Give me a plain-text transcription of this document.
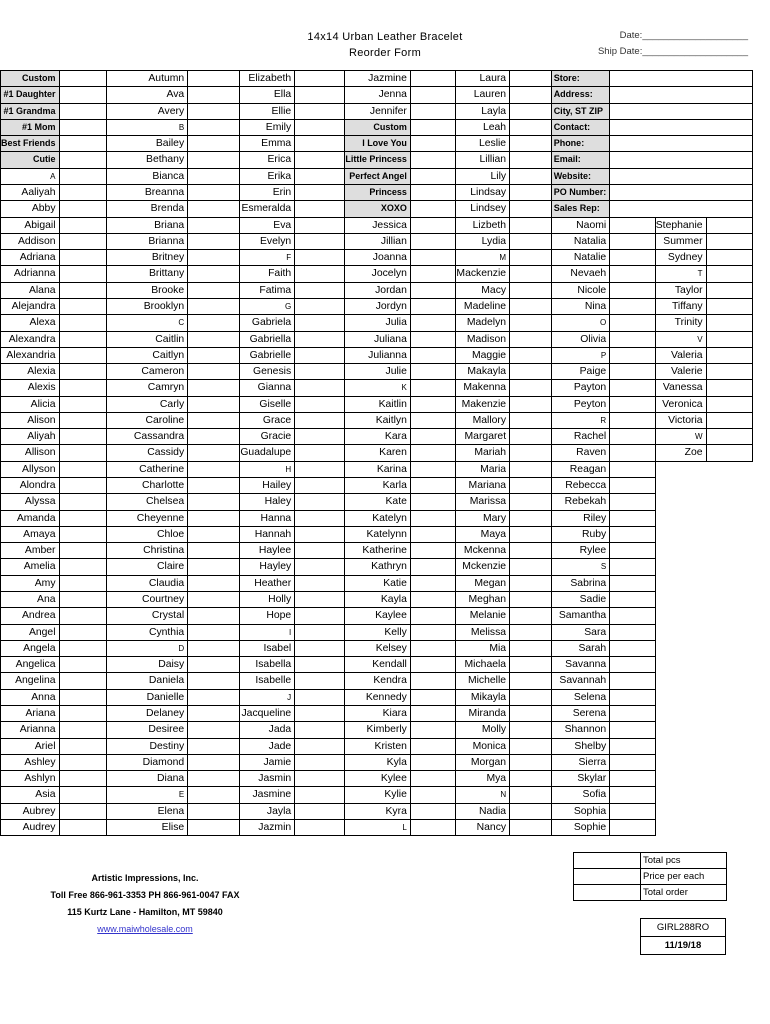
14x14 Urban Leather Bracelet
Reorder Form
Date:____________________
Ship Date:____________________
Custom		Autumn		Elizabeth		Jazmine		Laura		Store:			
#1 Daughter		Ava		Ella		Jenna		Lauren		Address:			
#1 Grandma		Avery		Ellie		Jennifer		Layla		City, ST ZIP			
#1 Mom		B		Emily		Custom		Leah		Contact:			
Best Friends		Bailey		Emma		I Love You		Leslie		Phone:			
Cutie		Bethany		Erica		Little Princess		Lillian		Email:			
A		Bianca		Erika		Perfect Angel		Lily		Website:			
Aaliyah		Breanna		Erin		Princess		Lindsay		PO Number:			
Abby		Brenda		Esmeralda		XOXO		Lindsey		Sales Rep:			
Abigail		Briana		Eva		Jessica		Lizbeth		Naomi		Stephanie	
Addison		Brianna		Evelyn		Jillian		Lydia		Natalia		Summer	
Adriana		Britney		F		Joanna		M		Natalie		Sydney	
Adrianna		Brittany		Faith		Jocelyn		Mackenzie		Nevaeh		T	
Alana		Brooke		Fatima		Jordan		Macy		Nicole		Taylor	
Alejandra		Brooklyn		G		Jordyn		Madeline		Nina		Tiffany	
Alexa		C		Gabriela		Julia		Madelyn		O		Trinity	
Alexandra		Caitlin		Gabriella		Juliana		Madison		Olivia		V	
Alexandria		Caitlyn		Gabrielle		Julianna		Maggie		P		Valeria	
Alexia		Cameron		Genesis		Julie		Makayla		Paige		Valerie	
Alexis		Camryn		Gianna		K		Makenna		Payton		Vanessa	
Alicia		Carly		Giselle		Kaitlin		Makenzie		Peyton		Veronica	
Alison		Caroline		Grace		Kaitlyn		Mallory		R		Victoria	
Aliyah		Cassandra		Gracie		Kara		Margaret		Rachel		W	
Allison		Cassidy		Guadalupe		Karen		Mariah		Raven		Zoe	
Allyson		Catherine		H		Karina		Maria		Reagan			
Alondra		Charlotte		Hailey		Karla		Mariana		Rebecca			
Alyssa		Chelsea		Haley		Kate		Marissa		Rebekah			
Amanda		Cheyenne		Hanna		Katelyn		Mary		Riley			
Amaya		Chloe		Hannah		Katelynn		Maya		Ruby			
Amber		Christina		Haylee		Katherine		Mckenna		Rylee			
Amelia		Claire		Hayley		Kathryn		Mckenzie		S			
Amy		Claudia		Heather		Katie		Megan		Sabrina			
Ana		Courtney		Holly		Kayla		Meghan		Sadie			
Andrea		Crystal		Hope		Kaylee		Melanie		Samantha			
Angel		Cynthia		I		Kelly		Melissa		Sara			
Angela		D		Isabel		Kelsey		Mia		Sarah			
Angelica		Daisy		Isabella		Kendall		Michaela		Savanna			
Angelina		Daniela		Isabelle		Kendra		Michelle		Savannah			
Anna		Danielle		J		Kennedy		Mikayla		Selena			
Ariana		Delaney		Jacqueline		Kiara		Miranda		Serena			
Arianna		Desiree		Jada		Kimberly		Molly		Shannon			
Ariel		Destiny		Jade		Kristen		Monica		Shelby			
Ashley		Diamond		Jamie		Kyla		Morgan		Sierra			
Ashlyn		Diana		Jasmin		Kylee		Mya		Skylar			
Asia		E		Jasmine		Kylie		N		Sofia			
Aubrey		Elena		Jayla		Kyra		Nadia		Sophia			
Audrey		Elise		Jazmin		L		Nancy		Sophie			
Artistic Impressions, Inc.
Toll Free 866-961-3353 PH 866-961-0047 FAX
115 Kurtz Lane - Hamilton, MT 59840
www.maiwholesale.com
	Total pcs
	Price per each
	Total order
GIRL288RO
11/19/18
